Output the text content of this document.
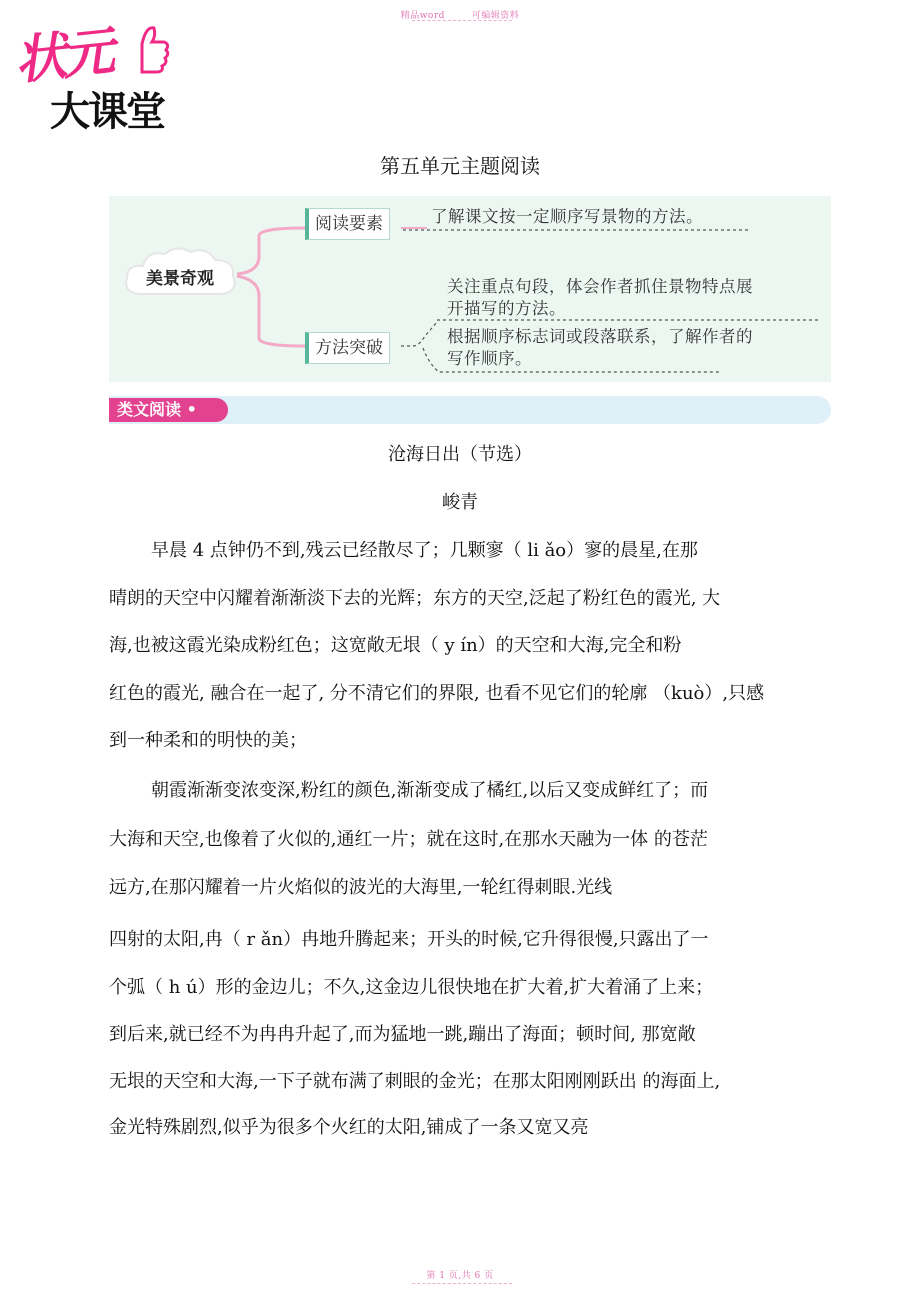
精品word	可编辑资料
状元
大课堂
第五单元主题阅读
美景奇观
阅读要素	了解课文按一定顺序写景物的方法。
关注重点句段，体会作者抓住景物特点展
开描写的方法。
方法突破
根据顺序标志词或段落联系，了解作者的
写作顺序。
类文阅读 •
沧海日出（节选）
峻青
早晨 4 点钟仍不到,残云已经散尽了；几颗寥（ li ǎo）寥的晨星,在那
晴朗的天空中闪耀着渐渐淡下去的光辉；东方的天空,泛起了粉红色的霞光, 大
海,也被这霞光染成粉红色；这宽敞无垠（ y ín）的天空和大海,完全和粉
红色的霞光, 融合在一起了, 分不清它们的界限, 也看不见它们的轮廓 （kuò）,只感
到一种柔和的明快的美；
朝霞渐渐变浓变深,粉红的颜色,渐渐变成了橘红,以后又变成鲜红了；而
大海和天空,也像着了火似的,通红一片；就在这时,在那水天融为一体 的苍茫
远方,在那闪耀着一片火焰似的波光的大海里,一轮红得刺眼.光线
四射的太阳,冉（ r ǎn）冉地升腾起来；开头的时候,它升得很慢,只露出了一
个弧（ h ú）形的金边儿；不久,这金边儿很快地在扩大着,扩大着涌了上来；
到后来,就已经不为冉冉升起了,而为猛地一跳,蹦出了海面；顿时间, 那宽敞
无垠的天空和大海,一下子就布满了刺眼的金光；在那太阳刚刚跃出 的海面上,
金光特殊剧烈,似乎为很多个火红的太阳,铺成了一条又宽又亮
第 1 页,共 6 页
